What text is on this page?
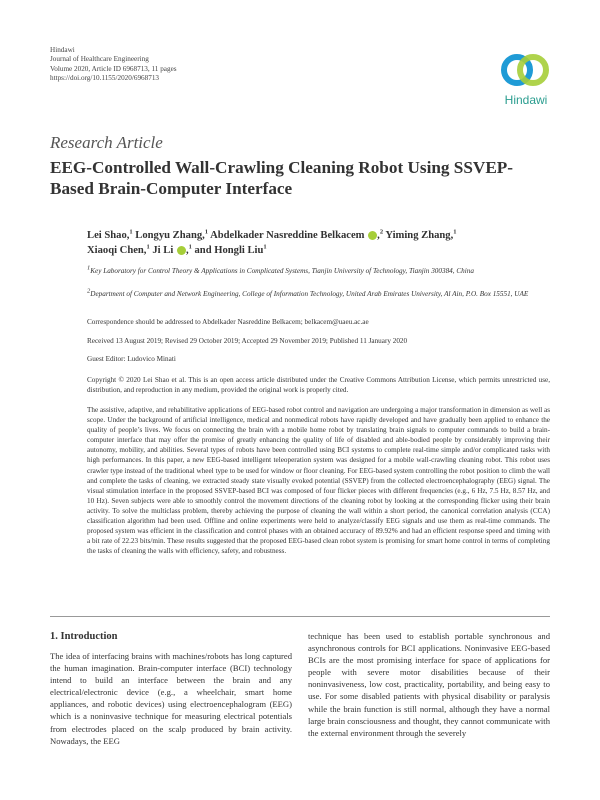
Hindawi
Journal of Healthcare Engineering
Volume 2020, Article ID 6968713, 11 pages
https://doi.org/10.1155/2020/6968713
Hindawi
Research Article
EEG-Controlled Wall-Crawling Cleaning Robot Using SSVEP-Based Brain-Computer Interface
Lei Shao,$^1$ Longyu Zhang,$^1$ Abdelkader Nasreddine Belkacem ,$^2$ Yiming Zhang,$^1$
Xiaoqi Chen,$^1$ Ji Li ,$^1$ and Hongli Liu$^1$
$^1$Key Laboratory for Control Theory & Applications in Complicated Systems, Tianjin University of Technology, Tianjin 300384, China
$^2$Department of Computer and Network Engineering, College of Information Technology, United Arab Emirates University, Al Ain, P.O. Box 15551, UAE
Correspondence should be addressed to Abdelkader Nasreddine Belkacem; belkacem@uaeu.ac.ae
Received 13 August 2019; Revised 29 October 2019; Accepted 29 November 2019; Published 11 January 2020
Guest Editor: Ludovico Minati
Copyright © 2020 Lei Shao et al. This is an open access article distributed under the Creative Commons Attribution License, which permits unrestricted use, distribution, and reproduction in any medium, provided the original work is properly cited.
The assistive, adaptive, and rehabilitative applications of EEG-based robot control and navigation are undergoing a major transformation in dimension as well as scope. Under the background of artificial intelligence, medical and nonmedical robots have rapidly developed and have gradually been applied to enhance the quality of people’s lives. We focus on connecting the brain with a mobile home robot by translating brain signals to computer commands to build a brain-computer interface that may offer the promise of greatly enhancing the quality of life of disabled and able-bodied people by considerably improving their autonomy, mobility, and abilities. Several types of robots have been controlled using BCI systems to complete real-time simple and/or complicated tasks with high performances. In this paper, a new EEG-based intelligent teleoperation system was designed for a mobile wall-crawling cleaning robot. This robot uses crawler type instead of the traditional wheel type to be used for window or floor cleaning. For EEG-based system controlling the robot position to climb the wall and complete the tasks of cleaning, we extracted steady state visually evoked potential (SSVEP) from the collected electroencephalography (EEG) signal. The visual stimulation interface in the proposed SSVEP-based BCI was composed of four flicker pieces with different frequencies (e.g., 6 Hz, 7.5 Hz, 8.57 Hz, and 10 Hz). Seven subjects were able to smoothly control the movement directions of the cleaning robot by looking at the corresponding flicker using their brain activity. To solve the multiclass problem, thereby achieving the purpose of cleaning the wall within a short period, the canonical correlation analysis (CCA) classification algorithm had been used. Offline and online experiments were held to analyze/classify EEG signals and use them as real-time commands. The proposed system was efficient in the classification and control phases with an obtained accuracy of 89.92% and had an efficient response speed and timing with a bit rate of 22.23 bits/min. These results suggested that the proposed EEG-based clean robot system is promising for smart home control in terms of completing the tasks of cleaning the walls with efficiency, safety, and robustness.
1. Introduction
The idea of interfacing brains with machines/robots has long captured the human imagination. Brain-computer interface (BCI) technology intend to build an interface between the brain and any electrical/electronic device (e.g., a wheelchair, smart home appliances, and robotic devices) using electroencephalogram (EEG) which is a noninvasive technique for measuring electrical potentials from electrodes placed on the scalp produced by brain activity. Nowadays, the EEG
technique has been used to establish portable synchronous and asynchronous controls for BCI applications. Noninvasive EEG-based BCIs are the most promising interface for space of applications for people with severe motor disabilities because of their noninvasiveness, low cost, practicality, portability, and being easy to use. For some disabled patients with physical disability or paralysis while the brain function is still normal, although they have a normal large brain consciousness and thought, they cannot communicate with the external environment through the severely
